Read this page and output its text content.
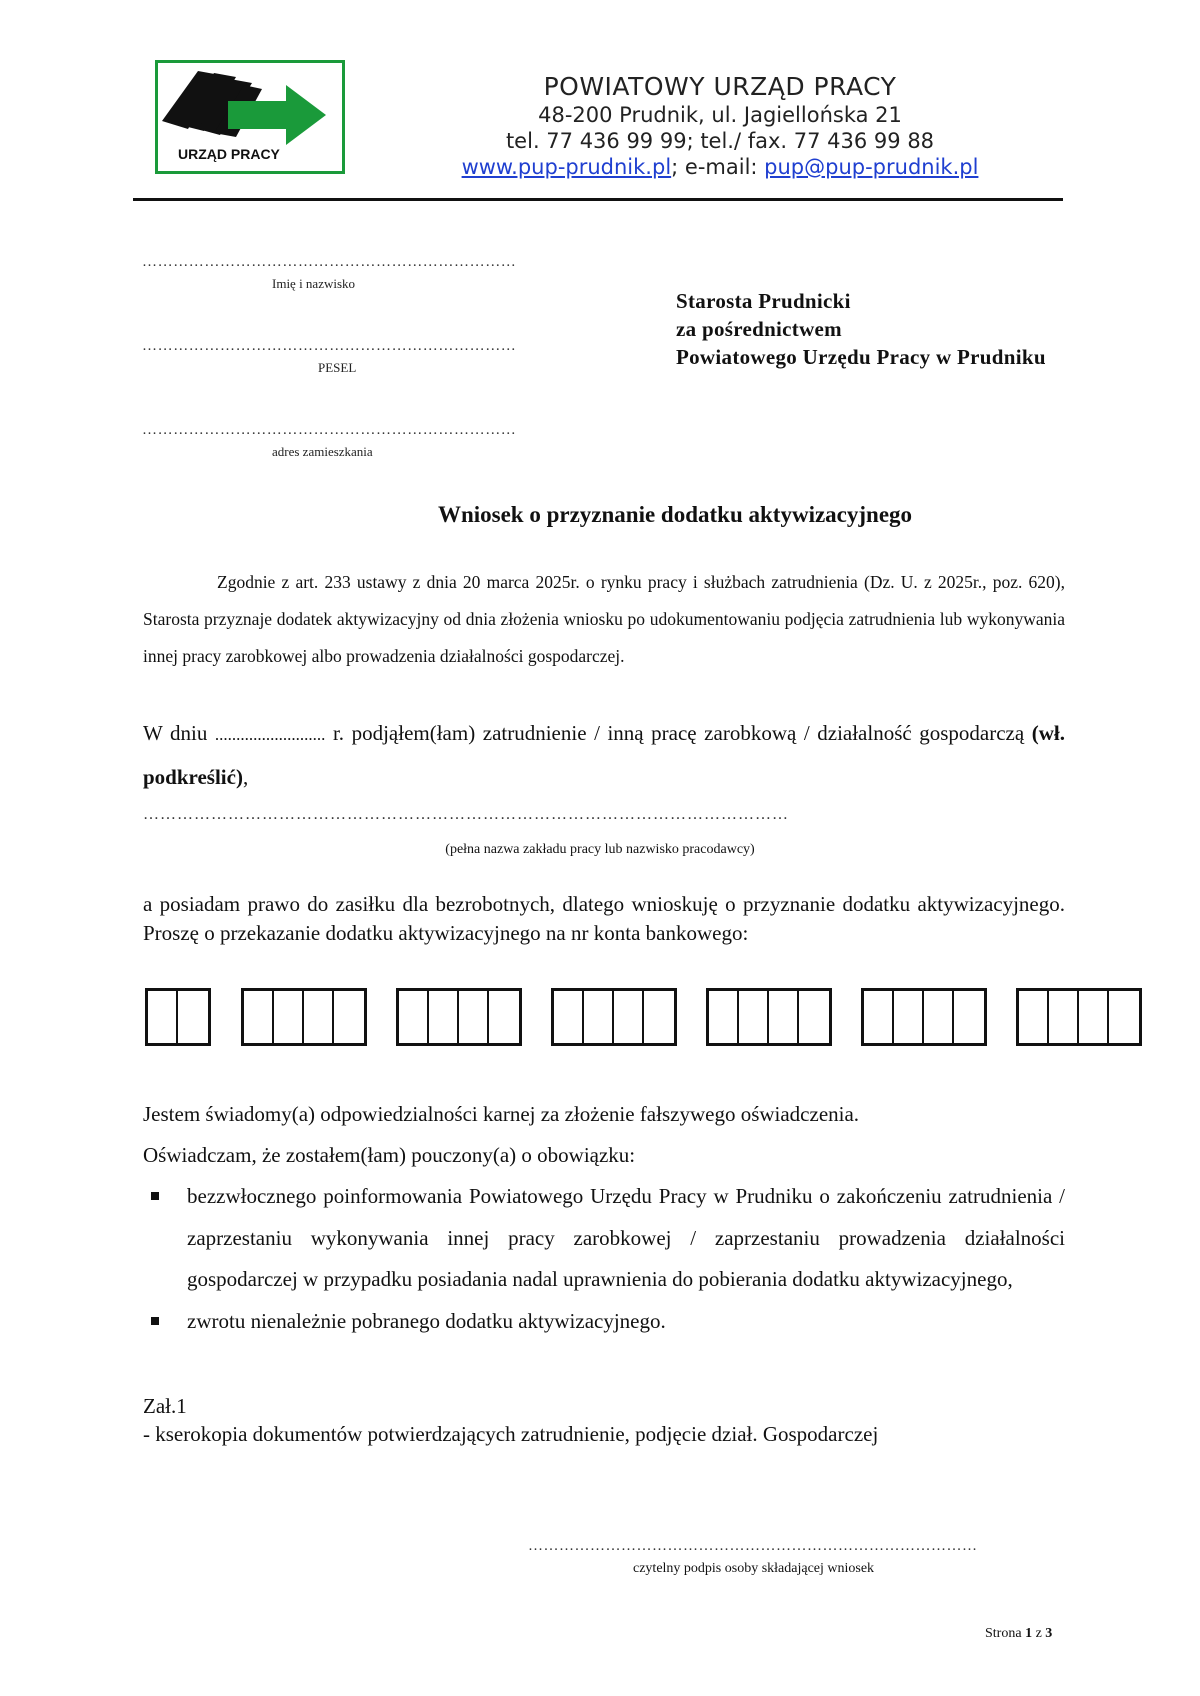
URZĄD PRACY
POWIATOWY URZĄD PRACY
48-200 Prudnik, ul. Jagiellońska 21
tel. 77 436 99 99; tel./ fax. 77 436 99 88
www.pup-prudnik.pl; e-mail: pup@pup-prudnik.pl
………………………………………………………………
Imię i nazwisko
………………………………………………………………
PESEL
………………………………………………………………
adres zamieszkania
Starosta Prudnicki
za pośrednictwem
Powiatowego Urzędu Pracy w Prudniku
Wniosek o przyznanie dodatku aktywizacyjnego
Zgodnie z art. 233 ustawy z dnia 20 marca 2025r. o rynku pracy i służbach zatrudnienia (Dz. U. z 2025r., poz. 620), Starosta przyznaje dodatek aktywizacyjny od dnia złożenia wniosku po udokumentowaniu podjęcia zatrudnienia lub wykonywania innej pracy zarobkowej albo prowadzenia działalności gospodarczej.
W dniu .......................... r. podjąłem(łam) zatrudnienie / inną pracę zarobkową / działalność gospodarczą (wł. podkreślić),
……………………………………………………………………………………………………
(pełna nazwa zakładu pracy lub nazwisko pracodawcy)
a posiadam prawo do zasiłku dla bezrobotnych, dlatego wnioskuję o przyznanie dodatku aktywizacyjnego. Proszę o przekazanie dodatku aktywizacyjnego na nr konta bankowego:
Jestem świadomy(a) odpowiedzialności karnej za złożenie fałszywego oświadczenia.
Oświadczam, że zostałem(łam) pouczony(a) o obowiązku:
bezzwłocznego poinformowania Powiatowego Urzędu Pracy w Prudniku o zakończeniu zatrudnienia / zaprzestaniu wykonywania innej pracy zarobkowej / zaprzestaniu prowadzenia działalności gospodarczej w przypadku posiadania nadal uprawnienia do pobierania dodatku aktywizacyjnego,
zwrotu nienależnie pobranego dodatku aktywizacyjnego.
Zał.1
- kserokopia dokumentów potwierdzających zatrudnienie, podjęcie dział. Gospodarczej
……………………………………………………………………………
czytelny podpis osoby składającej wniosek
Strona 1 z 3
